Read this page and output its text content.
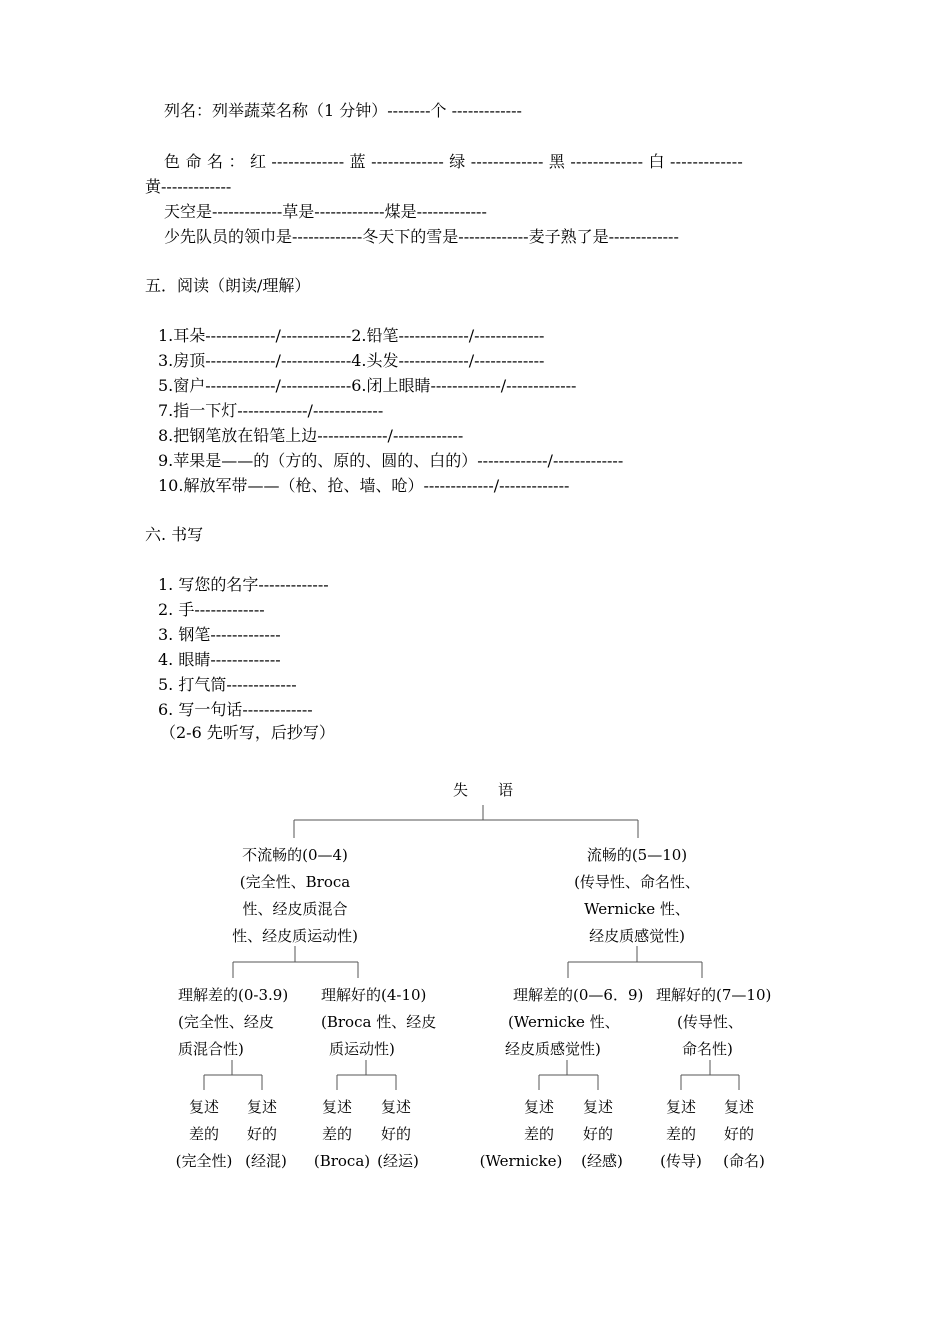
列名：列举蔬菜名称（1 分钟）--------个 -------------
色 命 名 ： 红 ------------- 蓝 ------------- 绿 ------------- 黑 ------------- 白 -------------
黄-------------
天空是-------------草是-------------煤是-------------
少先队员的领巾是-------------冬天下的雪是-------------麦子熟了是-------------
五．阅读（朗读/理解）
1.耳朵-------------/-------------2.铅笔-------------/-------------
3.房顶-------------/-------------4.头发-------------/-------------
5.窗户-------------/-------------6.闭上眼睛-------------/-------------
7.指一下灯-------------/-------------
8.把钢笔放在铅笔上边-------------/-------------
9.苹果是——的（方的、原的、圆的、白的）-------------/-------------
10.解放军带——（枪、抢、墙、呛）-------------/-------------
六. 书写
1. 写您的名字-------------
2. 手-------------
3. 钢笔-------------
4. 眼睛-------------
5. 打气筒-------------
6. 写一句话-------------
（2-6 先听写，后抄写）
失　　语
不流畅的(0—4)
(完全性、Broca
性、经皮质混合
性、经皮质运动性)
流畅的(5—10)
(传导性、命名性、
Wernicke 性、
经皮质感觉性)
理解差的(0-3.9)
(完全性、经皮
质混合性)
理解好的(4-10)
(Broca 性、经皮
质运动性)
理解差的(0—6．9)
(Wernicke 性、
经皮质感觉性)
理解好的(7—10)
(传导性、
命名性)
复述
差的
(完全性)
复述
好的
(经混)
复述
差的
(Broca)
复述
好的
(经运)
复述
差的
(Wernicke)
复述
好的
(经感)
复述
差的
(传导)
复述
好的
(命名)
